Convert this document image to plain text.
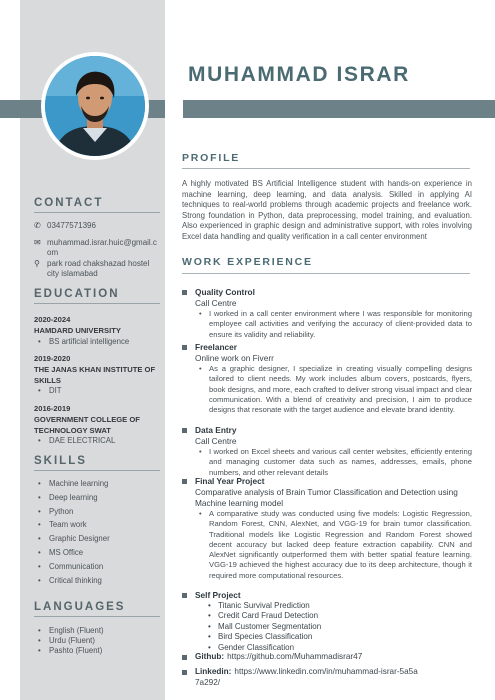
MUHAMMAD ISRAR
CONTACT
✆ 03477571396
✉ muhammad.israr.huic@gmail.com
⚲ park road chakshazad hostel city islamabad
EDUCATION
2020-2024
HAMDARD UNIVERSITY
• BS artificial intelligence
2019-2020
THE JANAS KHAN INSTITUTE OF SKILLS
• DIT
2016-2019
GOVERNMENT COLLEGE OF TECHNOLOGY SWAT
• DAE ELECTRICAL
SKILLS
• Machine learning
• Deep learning
• Python
• Team work
• Graphic Designer
• MS Office
• Communication
• Critical thinking
LANGUAGES
• English (Fluent)
• Urdu (Fluent)
• Pashto (Fluent)
PROFILE
A highly motivated BS Artificial Intelligence student with hands-on experience in machine learning, deep learning, and data analysis. Skilled in applying AI techniques to real-world problems through academic projects and freelance work. Strong foundation in Python, data preprocessing, model training, and evaluation. Also experienced in graphic design and administrative support, with roles involving Excel data handling and quality verification in a call center environment
WORK EXPERIENCE
Quality Control
Call Centre
• I worked in a call center environment where I was responsible for monitoring employee call activities and verifying the accuracy of client-provided data to ensure its validity and reliability.
Freelancer
Online work on Fiverr
• As a graphic designer, I specialize in creating visually compelling designs tailored to client needs. My work includes album covers, postcards, flyers, book designs, and more, each crafted to deliver strong visual impact and clear communication. With a blend of creativity and precision, I aim to produce designs that resonate with the target audience and elevate brand identity.
Data Entry
Call Centre
• I worked on Excel sheets and various call center websites, efficiently entering and managing customer data such as names, addresses, emails, phone numbers, and other relevant details
Final Year Project
Comparative analysis of Brain Tumor Classification and Detection using Machine learning model
• A comparative study was conducted using five models: Logistic Regression, Random Forest, CNN, AlexNet, and VGG-19 for brain tumor classification. Traditional models like Logistic Regression and Random Forest showed decent accuracy but lacked deep feature extraction capability. CNN and AlexNet significantly outperformed them with better spatial feature learning. VGG-19 achieved the highest accuracy due to its deep architecture, though it required more computational resources.
Self Project
• Titanic Survival Prediction
• Credit Card Fraud Detection
• Mall Customer Segmentation
• Bird Species Classification
• Gender Classification
Github: https://github.com/Muhammadisrar47
Linkedin: https://www.linkedin.com/in/muhammad-israr-5a5a7a292/
